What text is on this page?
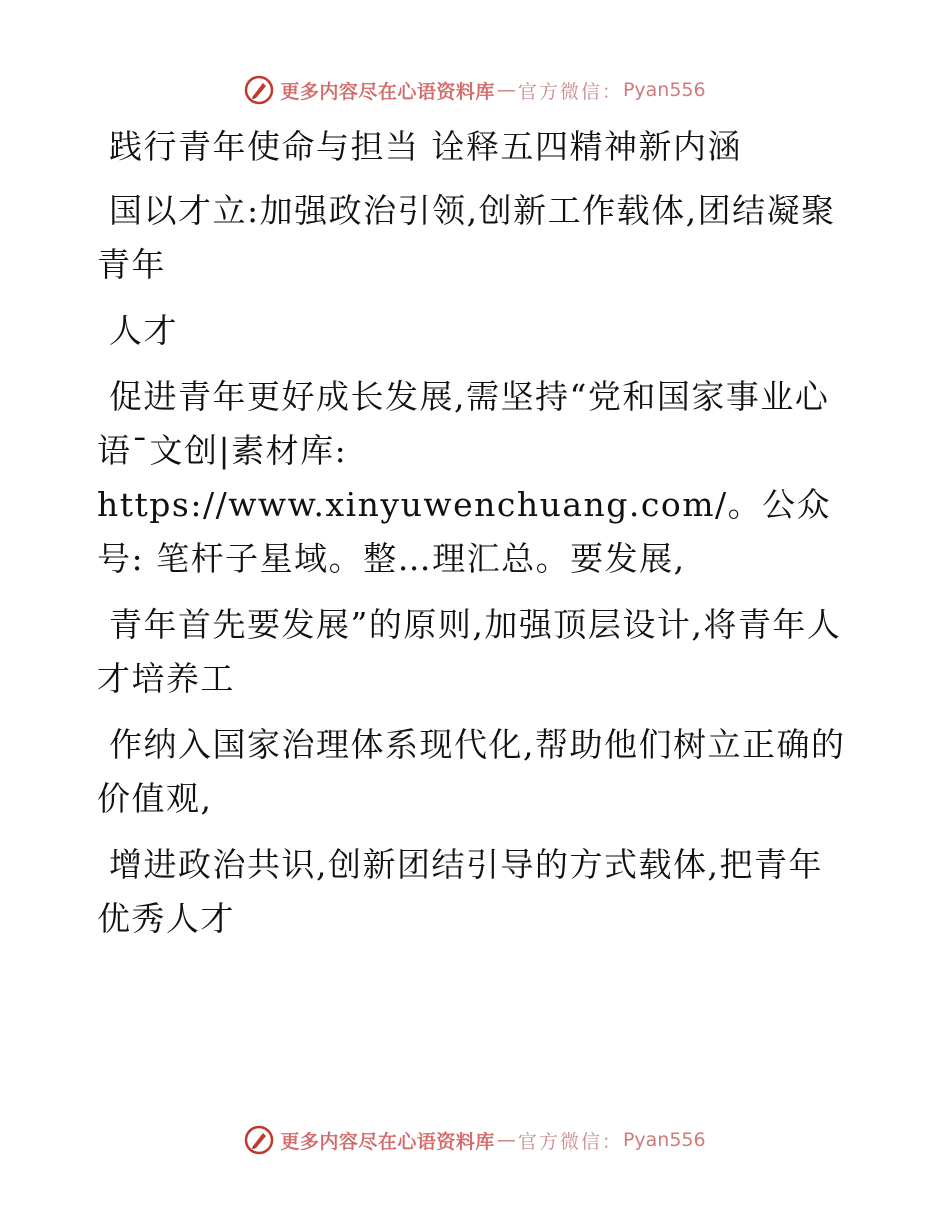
更多内容尽在心语资料库 — 官方微信： Pyan556

践行青年使命与担当 诠释五四精神新内涵

国以才立:加强政治引领,创新工作载体,团结凝聚青年

人才

促进青年更好成长发展,需坚持“党和国家事业心语¯文创|素材库: https://www.xinyuwenchuang.com/。公众号: 笔杆子星域。整…理汇总。要发展,

青年首先要发展”的原则,加强顶层设计,将青年人才培养工

作纳入国家治理体系现代化,帮助他们树立正确的价值观,

增进政治共识,创新团结引导的方式载体,把青年优秀人才

更多内容尽在心语资料库 — 官方微信： Pyan556
